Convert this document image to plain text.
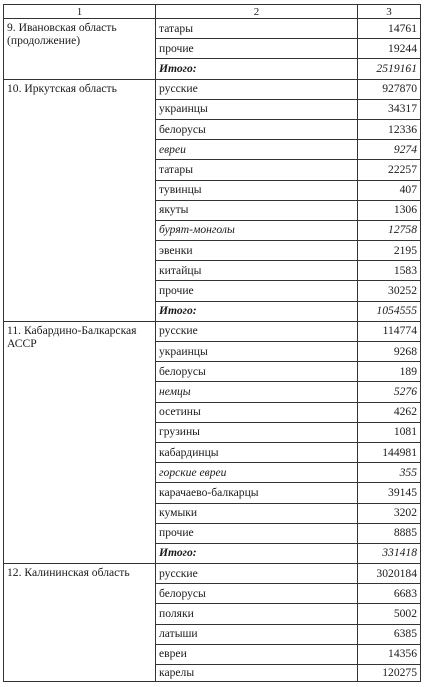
1	2	3
9. Ивановская область (продолжение)	татары	14761
	прочие	19244
	Итого:	2519161
10. Иркутская область	русские	927870
	украинцы	34317
	белорусы	12336
	евреи	9274
	татары	22257
	тувинцы	407
	якуты	1306
	бурят-монголы	12758
	эвенки	2195
	китайцы	1583
	прочие	30252
	Итого:	1054555
11. Кабардино-Балкарская АССР	русские	114774
	украинцы	9268
	белорусы	189
	немцы	5276
	осетины	4262
	грузины	1081
	кабардинцы	144981
	горские евреи	355
	карачаево-балкарцы	39145
	кумыки	3202
	прочие	8885
	Итого:	331418
12. Калининская область	русские	3020184
	белорусы	6683
	поляки	5002
	латыши	6385
	евреи	14356
	карелы	120275
